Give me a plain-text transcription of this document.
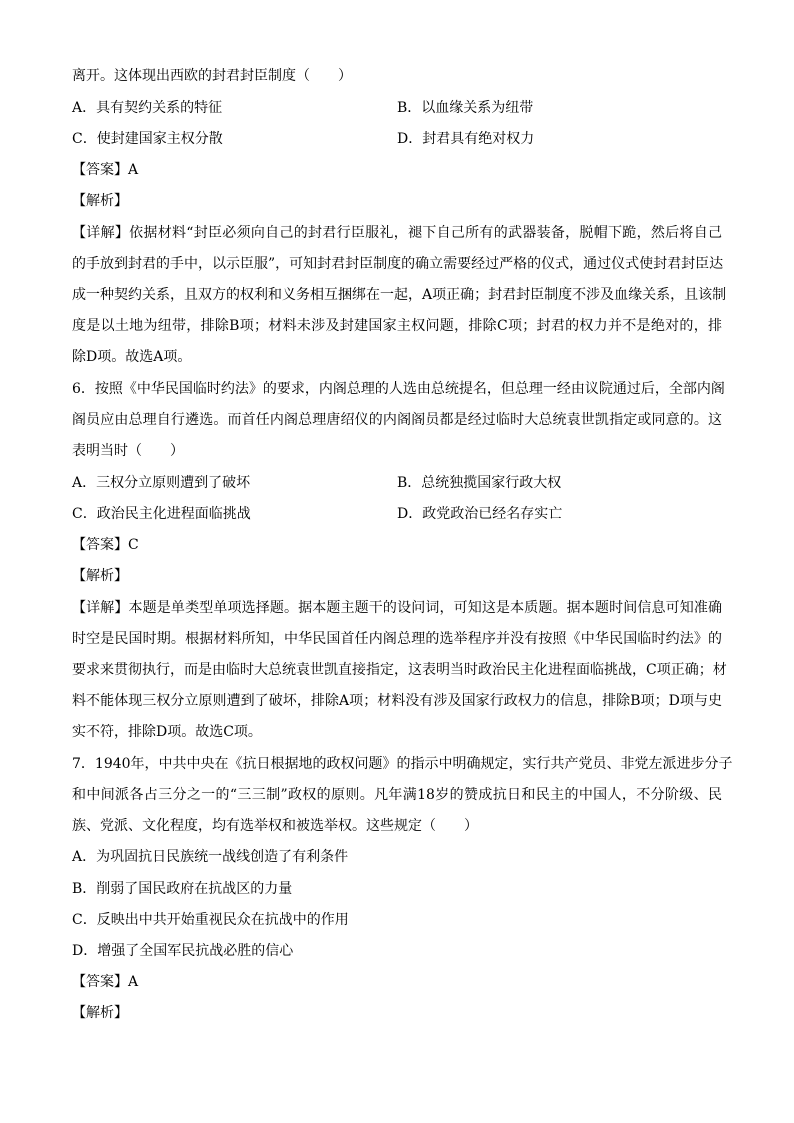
离开。这体现出西欧的封君封臣制度（　　）
A．具有契约关系的特征	B．以血缘关系为纽带
C．使封建国家主权分散	D．封君具有绝对权力
【答案】A
【解析】
【详解】依据材料“封臣必须向自己的封君行臣服礼，褪下自己所有的武器装备，脱帽下跪，然后将自己
的手放到封君的手中，以示臣服”，可知封君封臣制度的确立需要经过严格的仪式，通过仪式使封君封臣达
成一种契约关系，且双方的权利和义务相互捆绑在一起，A项正确；封君封臣制度不涉及血缘关系，且该制
度是以土地为纽带，排除B项；材料未涉及封建国家主权问题，排除C项；封君的权力并不是绝对的，排
除D项。故选A项。
6．按照《中华民国临时约法》的要求，内阁总理的人选由总统提名，但总理一经由议院通过后，全部内阁
阁员应由总理自行遴选。而首任内阁总理唐绍仪的内阁阁员都是经过临时大总统袁世凯指定或同意的。这
表明当时（　　）
A．三权分立原则遭到了破坏	B．总统独揽国家行政大权
C．政治民主化进程面临挑战	D．政党政治已经名存实亡
【答案】C
【解析】
【详解】本题是单类型单项选择题。据本题主题干的设问词，可知这是本质题。据本题时间信息可知准确
时空是民国时期。根据材料所知，中华民国首任内阁总理的选举程序并没有按照《中华民国临时约法》的
要求来贯彻执行，而是由临时大总统袁世凯直接指定，这表明当时政治民主化进程面临挑战，C项正确；材
料不能体现三权分立原则遭到了破坏，排除A项；材料没有涉及国家行政权力的信息，排除B项；D项与史
实不符，排除D项。故选C项。
7．1940年，中共中央在《抗日根据地的政权问题》的指示中明确规定，实行共产党员、非党左派进步分子
和中间派各占三分之一的“三三制”政权的原则。凡年满18岁的赞成抗日和民主的中国人，不分阶级、民
族、党派、文化程度，均有选举权和被选举权。这些规定（　　）
A．为巩固抗日民族统一战线创造了有利条件
B．削弱了国民政府在抗战区的力量
C．反映出中共开始重视民众在抗战中的作用
D．增强了全国军民抗战必胜的信心
【答案】A
【解析】
